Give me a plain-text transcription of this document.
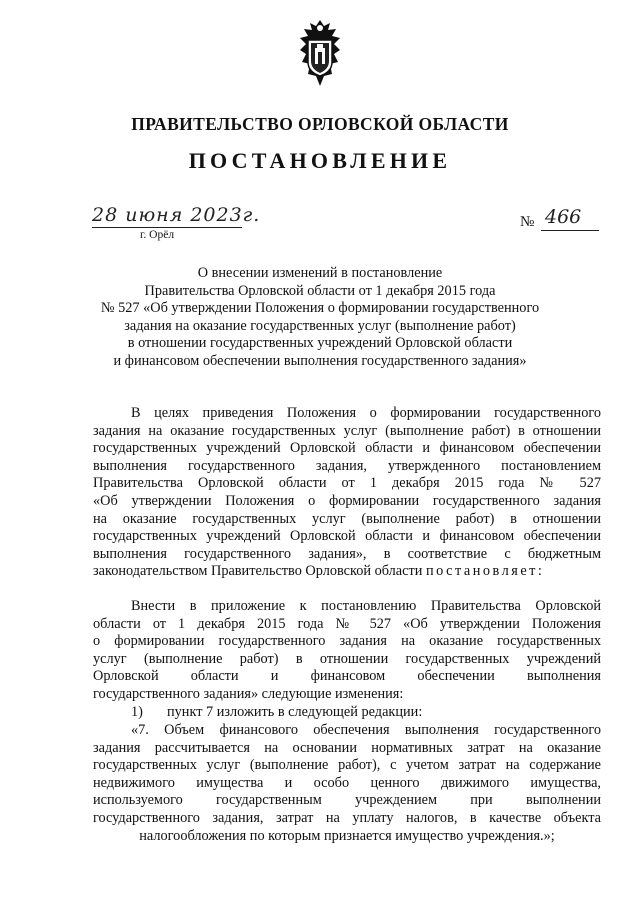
ПРАВИТЕЛЬСТВО ОРЛОВСКОЙ ОБЛАСТИ
ПОСТАНОВЛЕНИЕ
28 июня 2023г.
г. Орёл
№ 466
О внесении изменений в постановление
Правительства Орловской области от 1 декабря 2015 года
№ 527 «Об утверждении Положения о формировании государственного
задания на оказание государственных услуг (выполнение работ)
в отношении государственных учреждений Орловской области
и финансовом обеспечении выполнения государственного задания»
В целях приведения Положения о формировании государственного
задания на оказание государственных услуг (выполнение работ) в отношении
государственных учреждений Орловской области и финансовом обеспечении
выполнения государственного задания, утвержденного постановлением
Правительства Орловской области от 1 декабря 2015 года № 527
«Об утверждении Положения о формировании государственного задания
на оказание государственных услуг (выполнение работ) в отношении
государственных учреждений Орловской области и финансовом обеспечении
выполнения государственного задания», в соответствие с бюджетным
законодательством Правительство Орловской области постановляет:
Внести в приложение к постановлению Правительства Орловской
области от 1 декабря 2015 года № 527 «Об утверждении Положения
о формировании государственного задания на оказание государственных
услуг (выполнение работ) в отношении государственных учреждений
Орловской области и финансовом обеспечении выполнения
государственного задания» следующие изменения:
1) пункт 7 изложить в следующей редакции:
«7. Объем финансового обеспечения выполнения государственного
задания рассчитывается на основании нормативных затрат на оказание
государственных услуг (выполнение работ), с учетом затрат на содержание
недвижимого имущества и особо ценного движимого имущества,
используемого государственным учреждением при выполнении
государственного задания, затрат на уплату налогов, в качестве объекта
налогообложения по которым признается имущество учреждения.»;
